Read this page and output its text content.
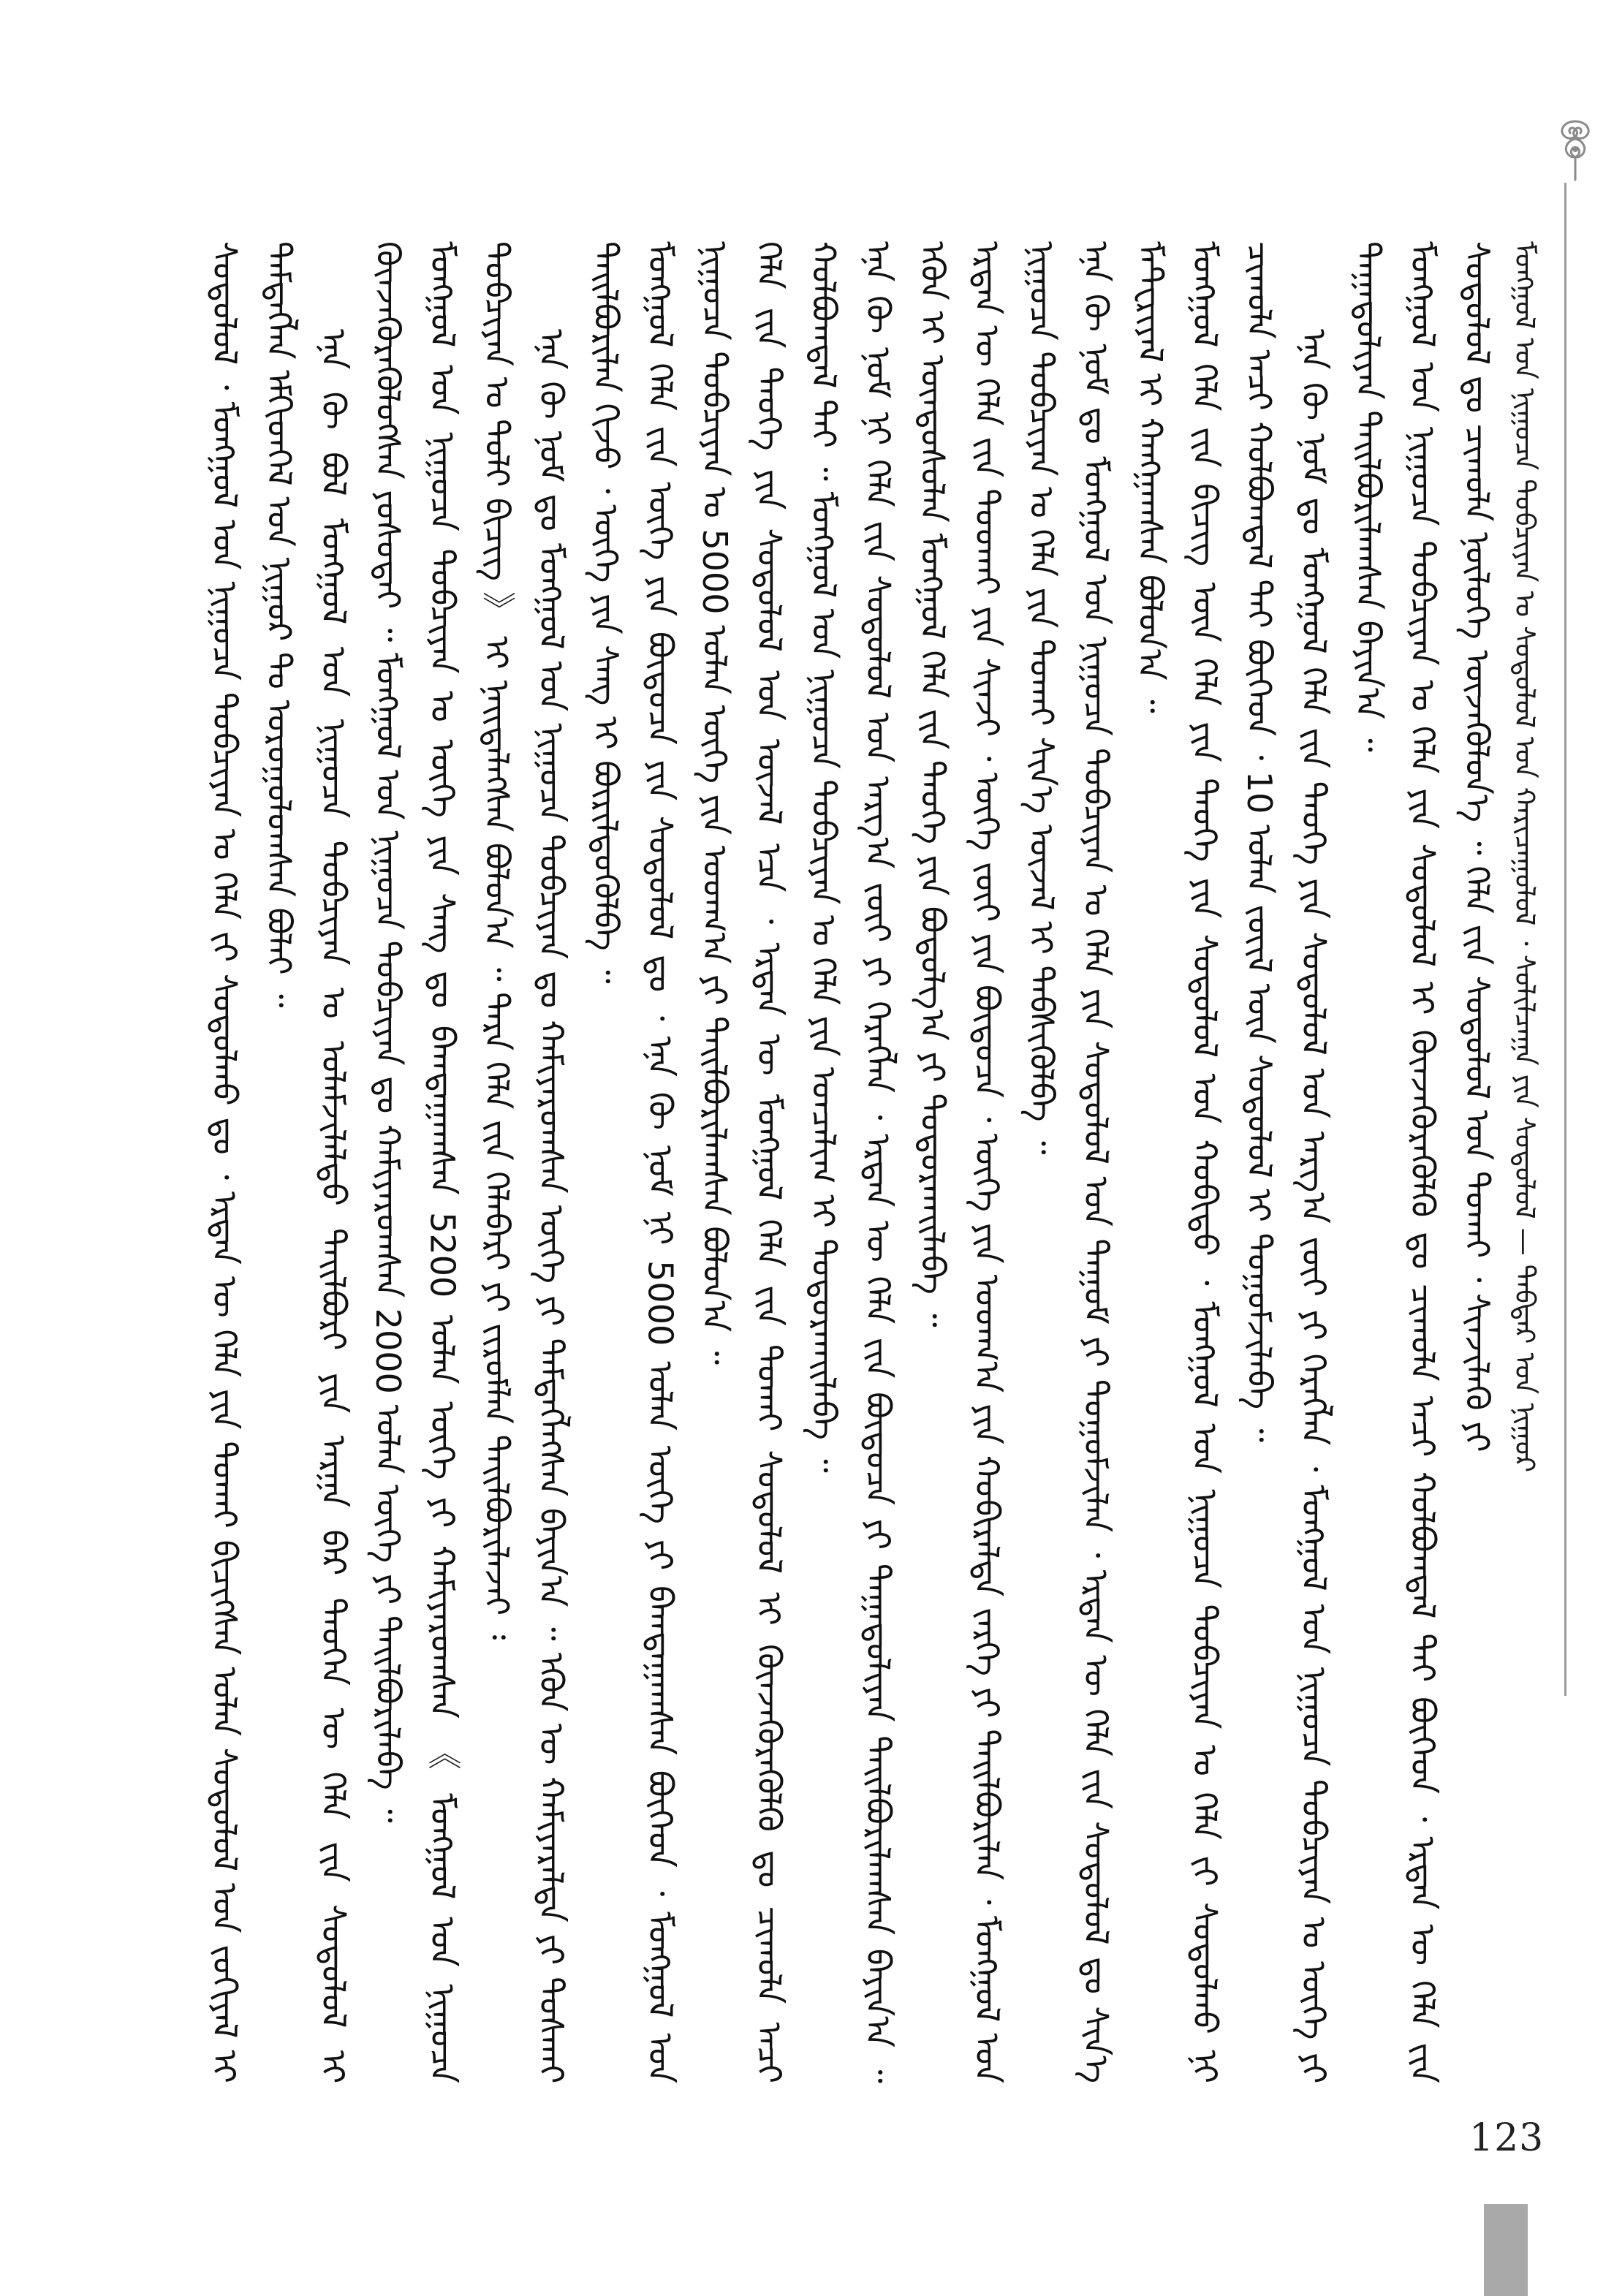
ᠮᠣᠩᠭᠣᠯ ᠤᠨ ᠨᠢᠭᠤᠴᠠ ᠲᠣᠪᠴᠢᠶᠠᠨ ᠤ ᠰᠤᠳᠤᠯᠤᠯ ᠤᠨ ᠬᠠᠷᠢᠴᠠᠭᠤᠯᠤᠯ ᠂ ᠰᠣᠯᠢᠯᠴᠠᠭᠠ ᠶᠢᠨ ᠰᠤᠳᠤᠯᠤᠯ — ᠳᠡᠪᠲᠡᠷ ᠤᠨ ᠨᠢᠭᠤᠷ

ᠰᠤᠳᠤᠯᠤᠯ ᠂ ᠮᠣᠩᠭᠣᠯ ᠤᠨ ᠨᠢᠭᠤᠴᠠ ᠲᠣᠪᠴᠢᠶᠠᠨ ᠤ ᠬᠡᠯᠡ ᠵᠢ ᠰᠤᠳᠤᠯᠬᠤ ᠳᠤ ᠂ ᠡᠷᠲᠡᠨ ᠦ ᠬᠡᠯᠡ ᠶᠢᠨ ᠲᠤᠬᠠᠢ ᠪᠢᠴᠢᠭᠰᠡᠨ ᠣᠯᠠᠨ ᠰᠤᠳᠤᠯᠤᠯ ᠤᠨ ᠵᠣᠬᠢᠶᠠᠯ ᠢ ᠲᠡᠮᠳᠡᠭᠯᠡᠨ ᠡᠮᠬᠢᠳᠬᠡᠯ ᠤᠨ ᠨᠢᠭᠤᠷ ᠲᠤ ᠣᠷᠣᠭᠤᠯᠤᠭᠰᠠᠨ ᠪᠣᠯᠠᠢ ᠃ ᠡᠨᠡ ᠬᠦ ᠪᠤᠯ ᠮᠣᠩᠭᠣᠯ ᠤᠨ ᠨᠢᠭᠤᠴᠠ ᠲᠣᠪᠴᠢᠶᠠᠨ ᠤ ᠤᠯᠠᠮᠵᠢᠯᠠᠯᠲᠤ ᠲᠠᠢᠯᠪᠤᠷᠢ ᠶᠢᠨ ᠠᠷᠭᠠ ᠪᠠᠷ ᠲᠡᠦᠬᠡᠨ ᠦ ᠬᠡᠯᠡ ᠵᠢᠨ ᠰᠤᠳᠤᠯᠤᠯ ᠢ ᠭᠦᠨᠵᠡᠭᠦᠷᠡᠬᠦᠯᠦᠭᠰᠡᠨ ᠶᠣᠰᠤᠲᠠᠢ ᠃ ᠮᠣᠩᠭᠣᠯ ᠤᠨ ᠨᠢᠭᠤᠴᠠ ᠲᠣᠪᠴᠢᠶᠠᠨ ᠳᠤ ᠬᠠᠮᠢᠶᠠᠷᠤᠭᠰᠠᠨ 2000 ᠣᠯᠠᠨ ᠦᠭᠡ ᠶᠢ ᠲᠠᠢᠯᠪᠤᠷᠢᠯᠠᠪᠠ ᠃ ᠮᠣᠩᠭᠣᠯ ᠤᠨ ᠨᠢᠭᠤᠴᠠ ᠲᠣᠪᠴᠢᠶᠠᠨ ᠤ ᠦᠭᠡ ᠶᠢᠨ ᠰᠠᠩ ᠳᠤ ᠪᠠᠭᠲᠠᠭᠠᠭᠰᠠᠨ 5200 ᠣᠯᠠᠨ ᠦᠭᠡ ᠶᠢ ᠬᠠᠮᠢᠶᠠᠷᠤᠭᠰᠠᠨ 《 ᠮᠣᠩᠭᠣᠯ ᠤᠨ ᠨᠢᠭᠤᠴᠠ ᠲᠣᠪᠴᠢᠶᠠᠨ ᠤ ᠲᠤᠯᠢ ᠪᠢᠴᠢᠭ 》 ᠢ ᠨᠡᠢᠲᠡᠯᠡᠭᠰᠡᠨ ᠪᠣᠯᠤᠨ᠎ᠠ ᠃ ᠲᠡᠷᠡ ᠬᠡᠯᠡ ᠵᠢᠨ ᠬᠡᠯᠡᠪᠡᠷᠢ ᠶᠢ ᠵᠢᠷᠤᠮᠯᠠᠨ ᠲᠠᠢᠯᠪᠤᠷᠢᠯᠠᠵᠠᠢ ᠄ ᠡᠨᠡ ᠬᠦ ᠨᠣᠮ ᠳᠤ ᠮᠣᠩᠭᠣᠯ ᠤᠨ ᠨᠢᠭᠤᠴᠠ ᠲᠣᠪᠴᠢᠶᠠᠨ ᠳᠤ ᠬᠠᠮᠢᠶᠠᠷᠤᠭᠰᠠᠨ ᠦᠭᠡ ᠶᠢ ᠲᠡᠮᠳᠡᠭᠯᠡᠭᠰᠡᠨ ᠪᠠᠶᠢᠨ᠎ᠠ ᠃ ᠡᠭᠦᠨ ᠦ ᠬᠠᠮᠢᠶᠠᠷᠠᠯᠲᠠ ᠶᠢ ᠲᠤᠰᠬᠠᠢ ᠲᠠᠢᠯᠪᠤᠷᠢᠯᠠᠨ ᠬᠢᠵᠦ ᠂ ᠦᠭᠡ ᠶᠢᠨ ᠰᠠᠩ ᠢ ᠪᠦᠷᠢᠯᠳᠦᠭᠦᠯᠪᠡ ᠃ ᠮᠣᠩᠭᠣᠯ ᠬᠡᠯᠡ ᠵᠢᠨ ᠦᠭᠡ ᠶᠢᠨ ᠪᠦᠲᠦᠴᠡ ᠶᠢᠨ ᠰᠤᠳᠤᠯᠤᠯ ᠳᠤ ᠂ ᠡᠨᠡ ᠬᠦ ᠨᠣᠮ ᠨᠢ 5000 ᠣᠯᠠᠨ ᠦᠭᠡ ᠶᠢ ᠪᠠᠭᠲᠠᠭᠠᠭᠰᠠᠨ ᠪᠥᠭᠡᠳ ᠂ ᠮᠣᠩᠭᠣᠯ ᠤᠨ ᠨᠢᠭᠤᠴᠠ ᠲᠣᠪᠴᠢᠶᠠᠨ ᠤ 5000 ᠣᠯᠠᠨ ᠦᠭᠡ ᠶᠢᠨ ᠤᠳᠬ᠎ᠠ ᠶᠢ ᠲᠠᠢᠯᠪᠤᠷᠢᠯᠠᠭᠰᠠᠨ ᠪᠣᠯᠤᠨ᠎ᠠ ᠃ ᠬᠡᠯᠡ ᠵᠢᠨ ᠲᠡᠦᠬᠡ ᠶᠢᠨ ᠰᠤᠳᠤᠯᠤᠯ ᠤᠨ ᠦᠵᠡᠯ ᠡᠴᠡ ᠂ ᠡᠷᠲᠡᠨ ᠦ ᠮᠣᠩᠭᠣᠯ ᠬᠡᠯᠡ ᠵᠢᠨ ᠲᠤᠬᠠᠢ ᠰᠤᠳᠤᠯᠤᠯ ᠢ ᠭᠦᠨᠵᠡᠭᠦᠷᠡᠬᠦᠯᠬᠦ ᠳᠤ ᠴᠢᠬᠤᠯᠠ ᠠᠴᠢ ᠬᠣᠯᠪᠣᠭᠳᠠᠯ ᠲᠠᠢ ᠃ ᠮᠣᠩᠭᠣᠯ ᠤᠨ ᠨᠢᠭᠤᠴᠠ ᠲᠣᠪᠴᠢᠶᠠᠨ ᠤ ᠬᠡᠯᠡ ᠶᠢᠨ ᠣᠨᠴᠠᠯᠢᠭ ᠢ ᠲᠣᠳᠤᠷᠬᠠᠢᠯᠠᠪᠠ ᠃ ᠡᠨᠡ ᠬᠦ ᠨᠣᠮ ᠨᠢ ᠬᠡᠯᠡ ᠵᠢᠨ ᠰᠤᠳᠤᠯᠤᠯ ᠤᠨ ᠠᠷᠭ᠎ᠠ ᠵᠦᠢ ᠶᠢ ᠬᠡᠷᠡᠭᠯᠡᠨ ᠂ ᠡᠷᠲᠡᠨ ᠦ ᠬᠡᠯᠡ ᠵᠢᠨ ᠪᠦᠲᠦᠴᠡ ᠶᠢ ᠳᠠᠭᠠᠳᠤᠯᠢᠶᠠᠨ ᠲᠠᠢᠯᠪᠤᠷᠢᠯᠠᠭᠰᠠᠨ ᠪᠠᠶᠢᠨ᠎ᠠ ᠃ ᠡᠭᠦᠨ ᠢ ᠦᠨᠳᠦᠰᠦᠯᠡᠨ ᠮᠣᠩᠭᠣᠯ ᠬᠡᠯᠡ ᠵᠢᠨ ᠲᠡᠦᠬᠡ ᠶᠢᠨ ᠪᠣᠳᠤᠯᠭ᠎ᠠ ᠶᠢ ᠲᠣᠳᠤᠷᠬᠠᠢᠯᠠᠪᠠ ᠃ ᠡᠷᠲᠡᠨ ᠦ ᠬᠡᠯᠡ ᠵᠢᠨ ᠳᠤᠤᠬᠠᠢ ᠶᠢᠨ ᠰᠢᠨᠵᠢ ᠂ ᠦᠭᠡ ᠵᠦᠢ ᠶᠢᠨ ᠪᠦᠲᠦᠴᠡ ᠂ ᠦᠭᠡ ᠶᠢᠨ ᠤᠳᠬ᠎ᠠ ᠶᠢᠨ ᠬᠤᠪᠢᠷᠠᠯᠲᠠ ᠵᠡᠷᠭᠡ ᠶᠢ ᠲᠠᠢᠯᠪᠤᠷᠢᠯᠠᠨ ᠂ ᠮᠣᠩᠭᠣᠯ ᠤᠨ ᠨᠢᠭᠤᠴᠠ ᠲᠣᠪᠴᠢᠶᠠᠨ ᠤ ᠬᠡᠯᠡ ᠶᠢᠨ ᠲᠤᠬᠠᠢ ᠰᠢᠨ᠎ᠡ ᠦᠵᠡᠯ ᠢ ᠳᠡᠪᠰᠢᠭᠦᠯᠪᠡ ᠃ ᠡᠨᠡ ᠬᠦ ᠨᠣᠮ ᠳᠤ ᠮᠣᠩᠭᠣᠯ ᠤᠨ ᠨᠢᠭᠤᠴᠠ ᠲᠣᠪᠴᠢᠶᠠᠨ ᠤ ᠬᠡᠯᠡ ᠶᠢᠨ ᠰᠤᠳᠤᠯᠤᠯ ᠤᠨ ᠲᠠᠭᠤᠮ ᠶᠢ ᠲᠣᠭᠤᠮᠵᠢᠯᠠᠨ ᠂ ᠡᠷᠲᠡᠨ ᠦ ᠬᠡᠯᠡ ᠵᠢᠨ ᠰᠤᠳᠤᠯᠤᠯ ᠳᠤ ᠰᠢᠨ᠎ᠡ ᠮᠠᠲ᠋ᠧᠷᠢᠶᠠᠯ ᠢ ᠬᠠᠩᠭᠠᠭᠰᠠᠨ ᠪᠣᠯᠤᠨ᠎ᠠ ᠃ ᠮᠣᠩᠭᠣᠯ ᠬᠡᠯᠡ ᠵᠢᠨ ᠪᠢᠴᠢᠭ ᠦᠨ ᠬᠡᠯᠡ ᠶᠢᠨ ᠲᠡᠦᠬᠡ ᠶᠢᠨ ᠰᠤᠳᠤᠯᠤᠯ ᠤᠨ ᠬᠤᠪᠢᠳᠤ ᠂ ᠮᠣᠩᠭᠣᠯ ᠤᠨ ᠨᠢᠭᠤᠴᠠ ᠲᠣᠪᠴᠢᠶᠠᠨ ᠤ ᠬᠡᠯᠡ ᠵᠢ ᠰᠤᠳᠤᠯᠬᠤ ᠨᠢ ᠴᠢᠬᠤᠯᠠ ᠠᠴᠢ ᠬᠣᠯᠪᠣᠭᠳᠠᠯ ᠲᠠᠢ ᠪᠦᠭᠡᠳ ᠂ 10 ᠣᠯᠠᠨ ᠵᠦᠢᠯ ᠦᠨ ᠰᠤᠳᠤᠯᠤᠯ ᠢ ᠲᠣᠭᠤᠮᠵᠢᠯᠠᠪᠠ ᠃ ᠡᠨᠡ ᠬᠦ ᠨᠣᠮ ᠳᠤ ᠮᠣᠩᠭᠣᠯ ᠬᠡᠯᠡ ᠵᠢᠨ ᠲᠡᠦᠬᠡ ᠶᠢᠨ ᠰᠤᠳᠤᠯᠤᠯ ᠤᠨ ᠠᠷᠭ᠎ᠠ ᠵᠦᠢ ᠶᠢ ᠬᠡᠷᠡᠭᠯᠡᠨ ᠂ ᠮᠣᠩᠭᠣᠯ ᠤᠨ ᠨᠢᠭᠤᠴᠠ ᠲᠣᠪᠴᠢᠶᠠᠨ ᠤ ᠦᠭᠡ ᠶᠢ ᠳᠠᠭᠠᠳᠤᠯᠢᠶᠠᠨ ᠲᠠᠢᠯᠪᠤᠷᠢᠯᠠᠭᠰᠠᠨ ᠪᠠᠶᠢᠨ᠎ᠠ ᠃ ᠮᠣᠩᠭᠣᠯ ᠤᠨ ᠨᠢᠭᠤᠴᠠ ᠲᠣᠪᠴᠢᠶᠠᠨ ᠤ ᠬᠡᠯᠡ ᠶᠢᠨ ᠰᠤᠳᠤᠯᠤᠯ ᠢ ᠭᠦᠨᠵᠡᠭᠦᠷᠡᠬᠦᠯᠬᠦ ᠳᠤ ᠴᠢᠬᠤᠯᠠ ᠠᠴᠢ ᠬᠣᠯᠪᠣᠭᠳᠠᠯ ᠲᠠᠢ ᠪᠥᠭᠡᠳ ᠂ ᠡᠷᠲᠡᠨ ᠦ ᠬᠡᠯᠡ ᠵᠢᠨ ᠰᠤᠳᠤᠯᠤᠯ ᠳᠤ ᠴᠢᠬᠤᠯᠠ ᠨᠥᠯᠦᠭᠡ ᠦᠵᠡᠭᠦᠯᠦᠨ᠎ᠡ ᠃ ᠬᠡᠯᠡ ᠵᠢᠨ ᠰᠤᠳᠤᠯᠤᠯ ᠤᠨ ᠲᠤᠬᠠᠢ ᠂ ᠰᠢᠨᠵᠢᠯᠡᠬᠦ ᠶᠢ

123
